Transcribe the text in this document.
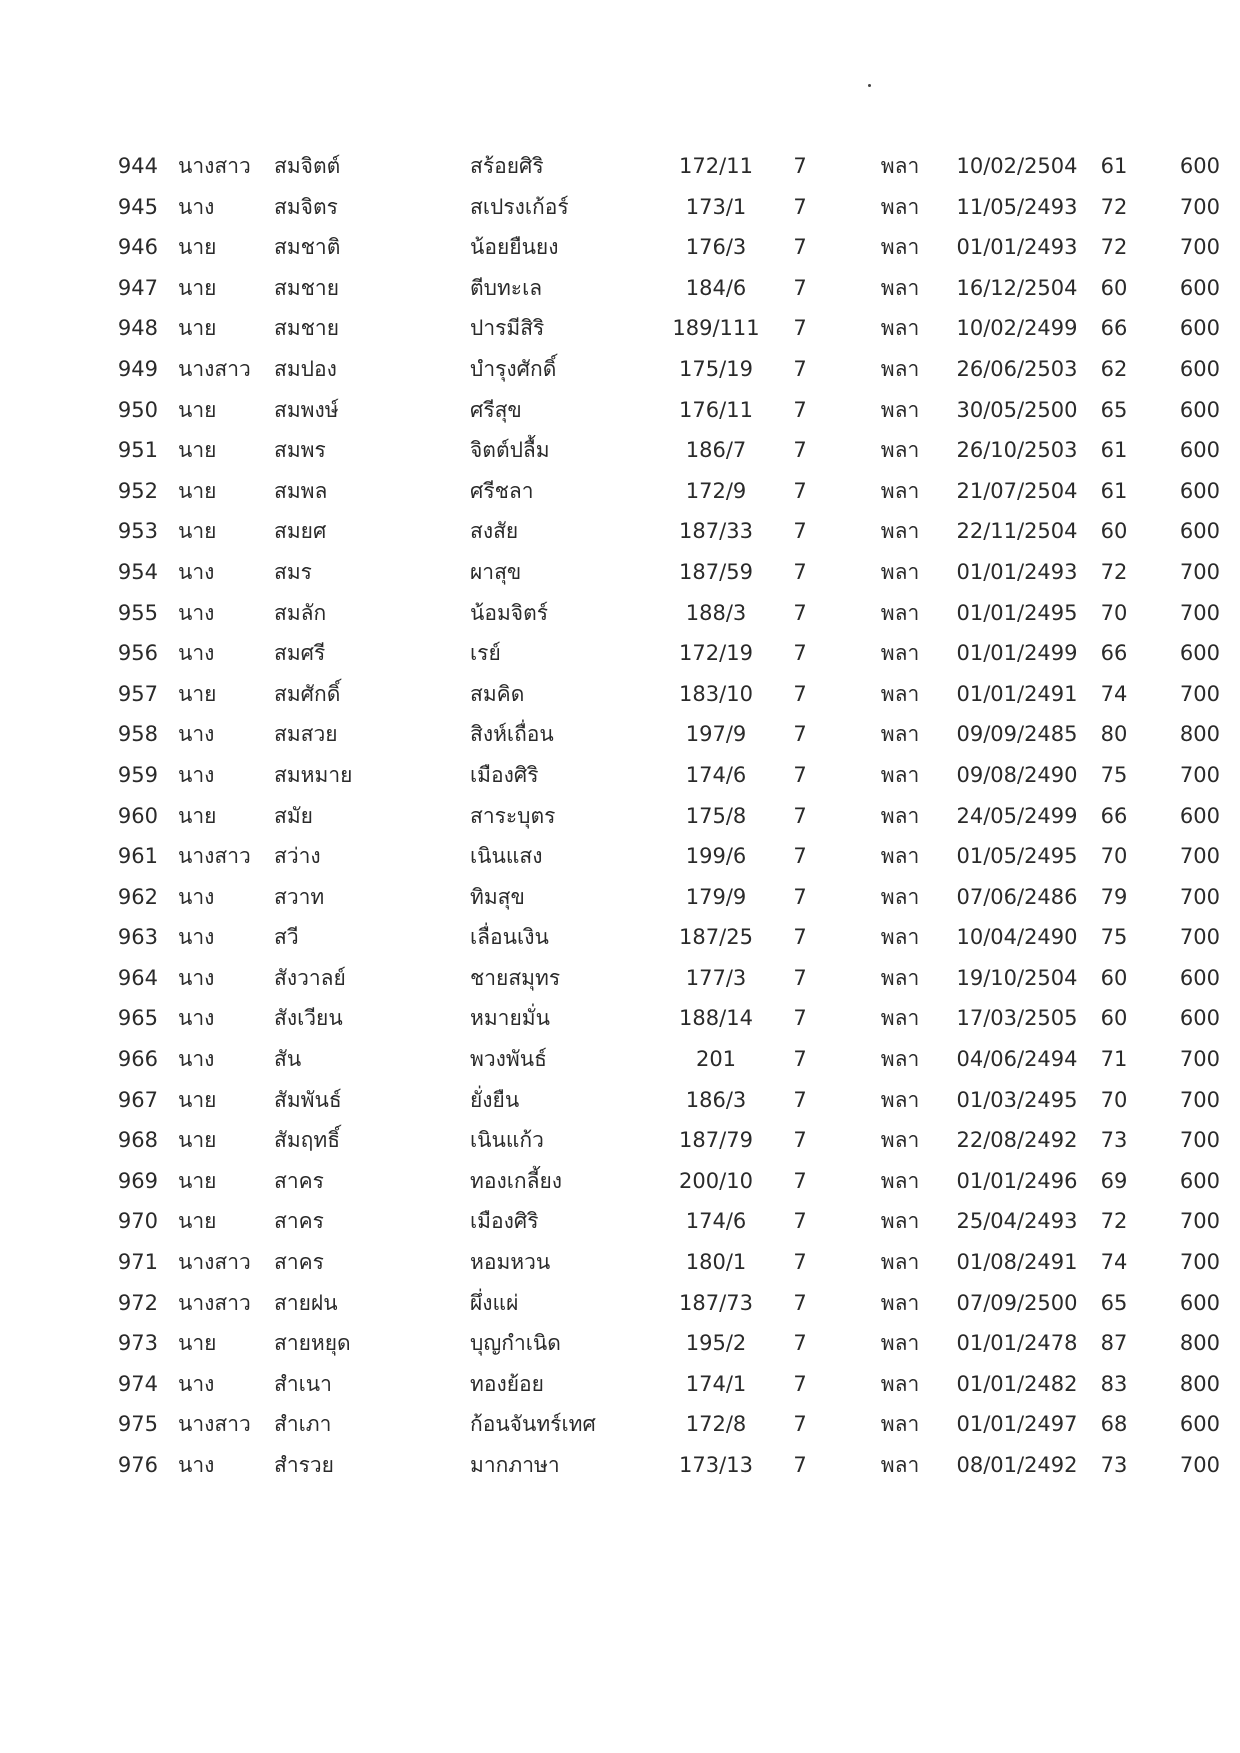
944 นางสาว	สมจิตต์	สร้อยศิริ	172/11	7	พลา	10/02/2504	61	600
945 นาง	สมจิตร	สเปรงเก้อร์	173/1	7	พลา	11/05/2493	72	700
946 นาย	สมชาติ	น้อยยืนยง	176/3	7	พลา	01/01/2493	72	700
947 นาย	สมชาย	ตีบทะเล	184/6	7	พลา	16/12/2504	60	600
948 นาย	สมชาย	ปารมีสิริ	189/111	7	พลา	10/02/2499	66	600
949 นางสาว	สมปอง	บำรุงศักดิ์	175/19	7	พลา	26/06/2503	62	600
950 นาย	สมพงษ์	ศรีสุข	176/11	7	พลา	30/05/2500	65	600
951 นาย	สมพร	จิตต์ปลื้ม	186/7	7	พลา	26/10/2503	61	600
952 นาย	สมพล	ศรีชลา	172/9	7	พลา	21/07/2504	61	600
953 นาย	สมยศ	สงสัย	187/33	7	พลา	22/11/2504	60	600
954 นาง	สมร	ผาสุข	187/59	7	พลา	01/01/2493	72	700
955 นาง	สมลัก	น้อมจิตร์	188/3	7	พลา	01/01/2495	70	700
956 นาง	สมศรี	เรย์	172/19	7	พลา	01/01/2499	66	600
957 นาย	สมศักดิ์	สมคิด	183/10	7	พลา	01/01/2491	74	700
958 นาง	สมสวย	สิงห์เถื่อน	197/9	7	พลา	09/09/2485	80	800
959 นาง	สมหมาย	เมืองศิริ	174/6	7	พลา	09/08/2490	75	700
960 นาย	สมัย	สาระบุตร	175/8	7	พลา	24/05/2499	66	600
961 นางสาว	สว่าง	เนินแสง	199/6	7	พลา	01/05/2495	70	700
962 นาง	สวาท	ทิมสุข	179/9	7	พลา	07/06/2486	79	700
963 นาง	สวี	เลื่อนเงิน	187/25	7	พลา	10/04/2490	75	700
964 นาง	สังวาลย์	ชายสมุทร	177/3	7	พลา	19/10/2504	60	600
965 นาง	สังเวียน	หมายมั่น	188/14	7	พลา	17/03/2505	60	600
966 นาง	สัน	พวงพันธ์	201	7	พลา	04/06/2494	71	700
967 นาย	สัมพันธ์	ยั่งยืน	186/3	7	พลา	01/03/2495	70	700
968 นาย	สัมฤทธิ์	เนินแก้ว	187/79	7	พลา	22/08/2492	73	700
969 นาย	สาคร	ทองเกลี้ยง	200/10	7	พลา	01/01/2496	69	600
970 นาย	สาคร	เมืองศิริ	174/6	7	พลา	25/04/2493	72	700
971 นางสาว	สาคร	หอมหวน	180/1	7	พลา	01/08/2491	74	700
972 นางสาว	สายฝน	ผึ่งแผ่	187/73	7	พลา	07/09/2500	65	600
973 นาย	สายหยุด	บุญกำเนิด	195/2	7	พลา	01/01/2478	87	800
974 นาง	สำเนา	ทองย้อย	174/1	7	พลา	01/01/2482	83	800
975 นางสาว	สำเภา	ก้อนจันทร์เทศ	172/8	7	พลา	01/01/2497	68	600
976 นาง	สำรวย	มากภาษา	173/13	7	พลา	08/01/2492	73	700
